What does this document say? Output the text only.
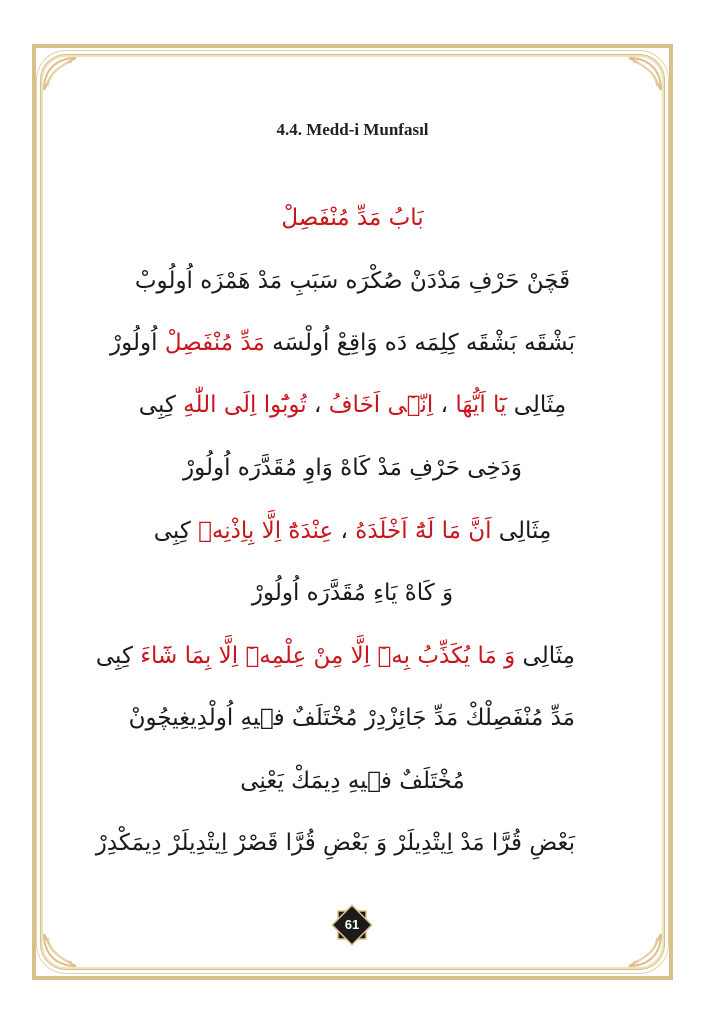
4.4. Medd-i Munfasıl
بَابُ مَدِّ مُنْفَصِلْ
قَچَنْ حَرْفِ مَدْدَنْ صُكْرَه سَبَبِ مَدْ هَمْزَه اُولُوبْ
بَشْقَه بَشْقَه كِلِمَه دَه وَاقِعْ اُولْسَه مَدِّ مُنْفَصِلْ اُولُورْ
مِثَالِى يَٓا اَيُّهَا ، اِنّ۪ٓى اَخَافُ ، تُوبُٓوا اِلَى اللّٰهِ كِبِى
وَدَخِى حَرْفِ مَدْ كَاهْ وَاوِ مُقَدَّرَه اُولُورْ
مِثَالِى اَنَّ مَا لَهُٓ اَخْلَدَهُ ، عِنْدَهُٓ اِلَّا بِاِذْنِه۪ كِبِى
وَ كَاهْ يَاءِ مُقَدَّرَه اُولُورْ
مِثَالِى وَ مَا يُكَذِّبُ بِه۪ٓ اِلَّا مِنْ عِلْمِه۪ٓ اِلَّا بِمَا شَٓاءَ كِبِى
مَدِّ مُنْفَصِلْكْ مَدِّ جَائِزْدِرْ مُخْتَلَفٌ ف۪يهِ اُولْدِيغِيچُونْ
مُخْتَلَفٌ ف۪يهِ دِيمَكْ يَعْنِى
بَعْضِ قُرَّا مَدْ اِيتْدِيلَرْ وَ بَعْضِ قُرَّا قَصْرْ اِيتْدِيلَرْ دِيمَكْدِرْ
61
